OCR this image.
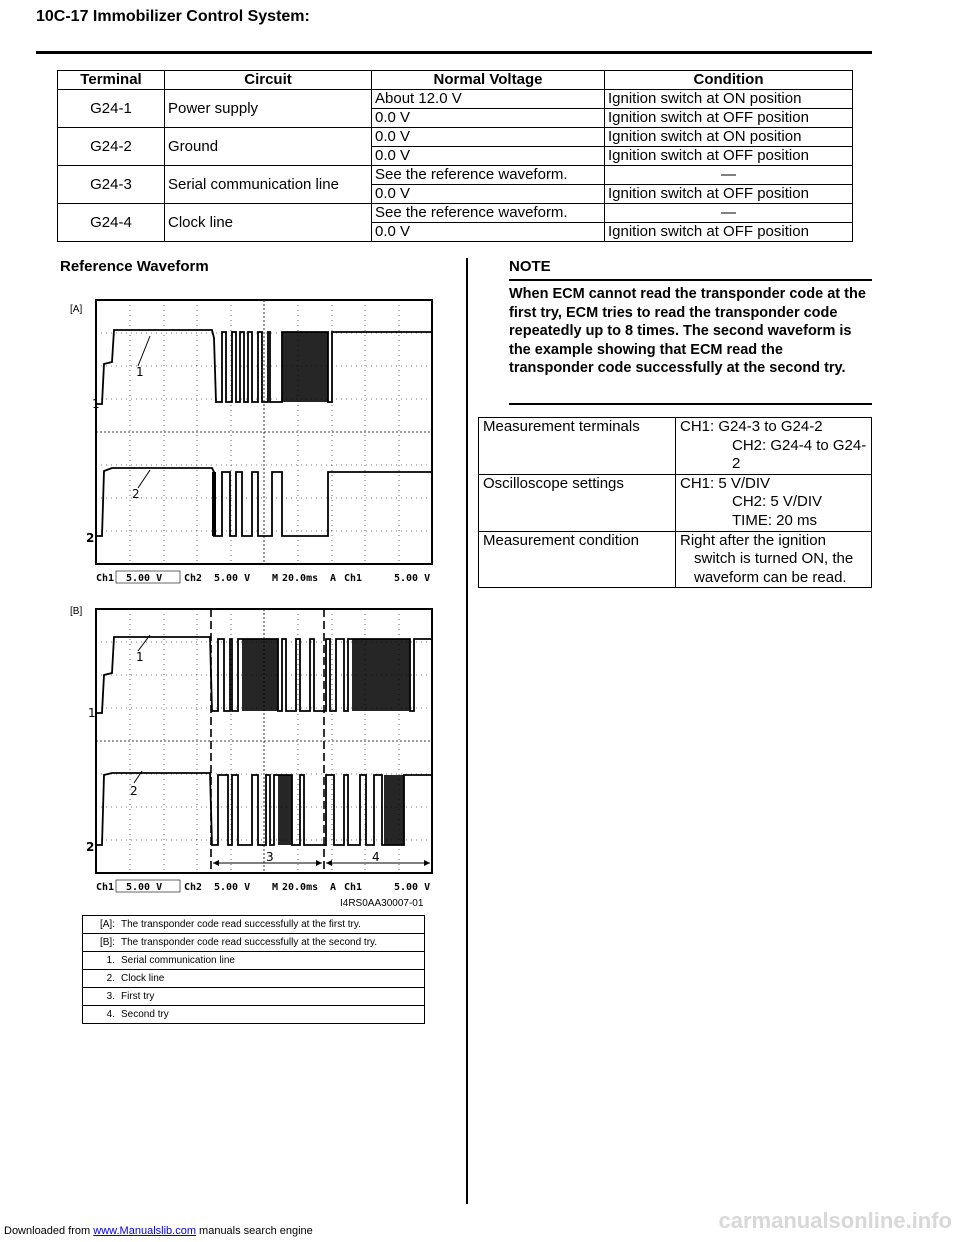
10C-17 Immobilizer Control System:
Terminal	Circuit	Normal Voltage	Condition
G24-1	Power supply	About 12.0 V	Ignition switch at ON position
		0.0 V	Ignition switch at OFF position
G24-2	Ground	0.0 V	Ignition switch at ON position
		0.0 V	Ignition switch at OFF position
G24-3	Serial communication line	See the reference waveform.	—
		0.0 V	Ignition switch at OFF position
G24-4	Clock line	See the reference waveform.	—
		0.0 V	Ignition switch at OFF position
Reference Waveform
[A]
1
2
1
2
Ch1 5.00 V Ch2 5.00 V M 20.0ms A Ch1	5.00 V
[B]
1
2
1
2
3	4
Ch1 5.00 V Ch2 5.00 V M 20.0ms A Ch1	5.00 V
I4RS0AA30007-01
[A]:	The transponder code read successfully at the first try.
[B]:	The transponder code read successfully at the second try.
1.	Serial communication line
2.	Clock line
3.	First try
4.	Second try
NOTE
When ECM cannot read the transponder code at the first try, ECM tries to read the transponder code repeatedly up to 8 times. The second waveform is the example showing that ECM read the transponder code successfully at the second try.
Measurement terminals	CH1: G24-3 to G24-2
CH2: G24-4 to G24-2

Oscilloscope settings	CH1: 5 V/DIV
CH2: 5 V/DIV
TIME: 20 ms

Measurement condition	Right after the ignition
switch is turned ON, the
waveform can be read.
Downloaded from www.Manualslib.com manuals search engine	carmanualsonline.info
